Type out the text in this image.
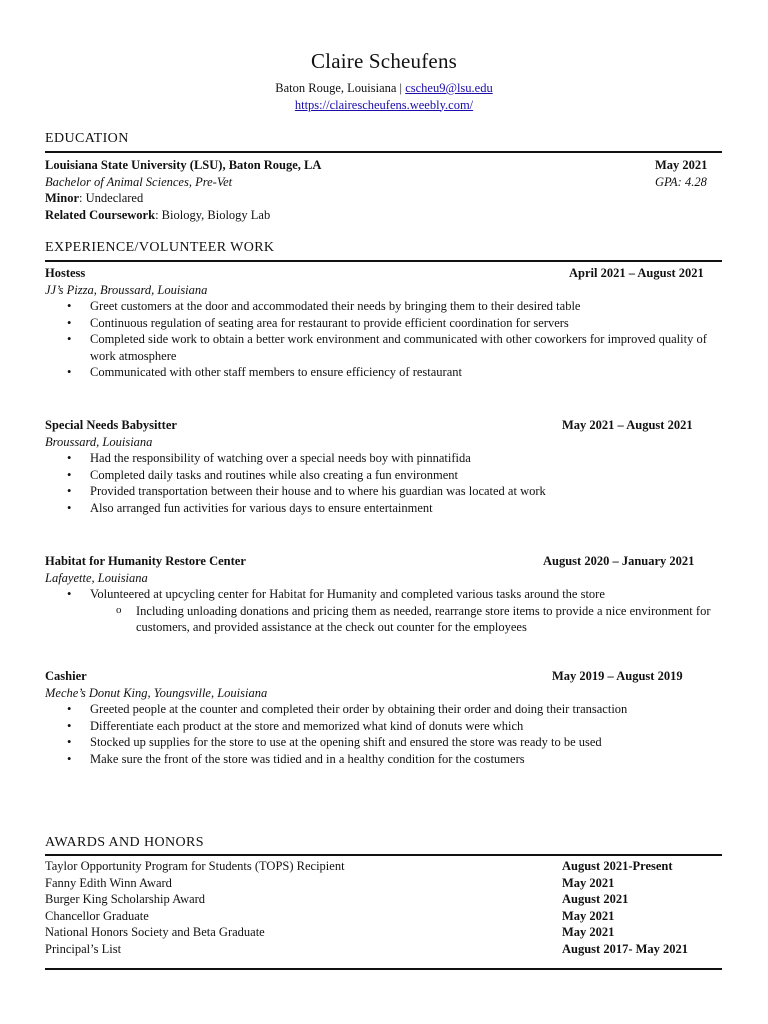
Claire Scheufens
Baton Rouge, Louisiana | cscheu9@lsu.edu
https://clairescheufens.weebly.com/
EDUCATION
Louisiana State University (LSU), Baton Rouge, LA	May 2021
Bachelor of Animal Sciences, Pre-Vet	GPA: 4.28
Minor: Undeclared
Related Coursework: Biology, Biology Lab
EXPERIENCE/VOLUNTEER WORK
Hostess	April 2021 – August 2021
JJ’s Pizza, Broussard, Louisiana
• Greet customers at the door and accommodated their needs by bringing them to their desired table
• Continuous regulation of seating area for restaurant to provide efficient coordination for servers
• Completed side work to obtain a better work environment and communicated with other coworkers for improved quality of work atmosphere
• Communicated with other staff members to ensure efficiency of restaurant
Special Needs Babysitter	May 2021 – August 2021
Broussard, Louisiana
• Had the responsibility of watching over a special needs boy with pinnatifida
• Completed daily tasks and routines while also creating a fun environment
• Provided transportation between their house and to where his guardian was located at work
• Also arranged fun activities for various days to ensure entertainment
Habitat for Humanity Restore Center	August 2020 – January 2021
Lafayette, Louisiana
• Volunteered at upcycling center for Habitat for Humanity and completed various tasks around the store
o Including unloading donations and pricing them as needed, rearrange store items to provide a nice environment for customers, and provided assistance at the check out counter for the employees
Cashier	May 2019 – August 2019
Meche’s Donut King, Youngsville, Louisiana
• Greeted people at the counter and completed their order by obtaining their order and doing their transaction
• Differentiate each product at the store and memorized what kind of donuts were which
• Stocked up supplies for the store to use at the opening shift and ensured the store was ready to be used
• Make sure the front of the store was tidied and in a healthy condition for the costumers
AWARDS AND HONORS
Taylor Opportunity Program for Students (TOPS) Recipient	August 2021-Present
Fanny Edith Winn Award	May 2021
Burger King Scholarship Award	August 2021
Chancellor Graduate	May 2021
National Honors Society and Beta Graduate	May 2021
Principal’s List	August 2017- May 2021
